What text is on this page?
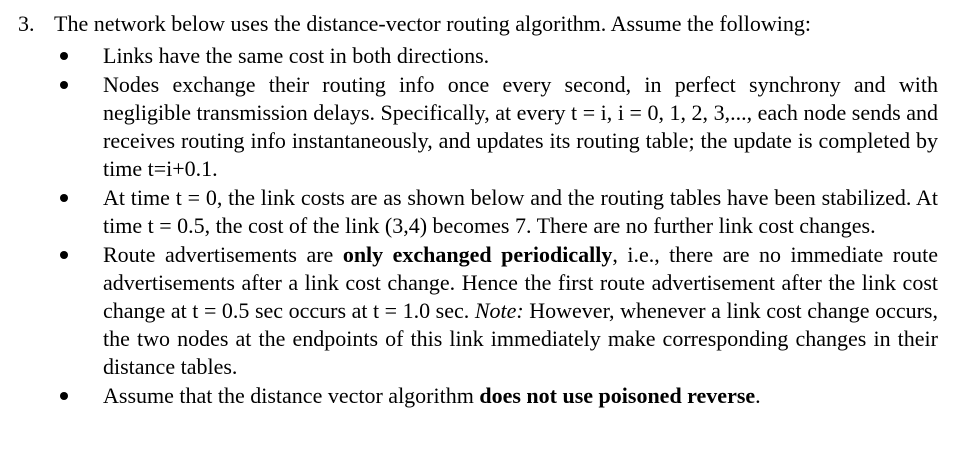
3. The network below uses the distance-vector routing algorithm. Assume the following:
Links have the same cost in both directions.
Nodes exchange their routing info once every second, in perfect synchrony and with negligible transmission delays. Specifically, at every t = i, i = 0, 1, 2, 3,..., each node sends and receives routing info instantaneously, and updates its routing table; the update is completed by time t=i+0.1.
At time t = 0, the link costs are as shown below and the routing tables have been stabilized. At time t = 0.5, the cost of the link (3,4) becomes 7. There are no further link cost changes.
Route advertisements are only exchanged periodically, i.e., there are no immediate route advertisements after a link cost change. Hence the first route advertisement after the link cost change at t = 0.5 sec occurs at t = 1.0 sec. Note: However, whenever a link cost change occurs, the two nodes at the endpoints of this link immediately make corresponding changes in their distance tables.
Assume that the distance vector algorithm does not use poisoned reverse.
